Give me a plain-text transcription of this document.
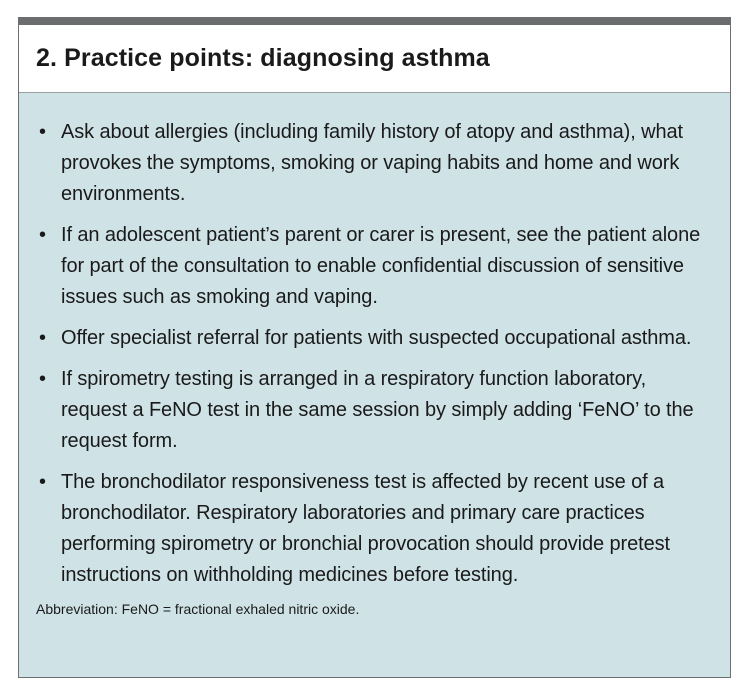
2. Practice points: diagnosing asthma
• Ask about allergies (including family history of atopy and asthma), what provokes the symptoms, smoking or vaping habits and home and work environments.
• If an adolescent patient’s parent or carer is present, see the patient alone for part of the consultation to enable confidential discussion of sensitive issues such as smoking and vaping.
• Offer specialist referral for patients with suspected occupational asthma.
• If spirometry testing is arranged in a respiratory function laboratory, request a FeNO test in the same session by simply adding ‘FeNO’ to the request form.
• The bronchodilator responsiveness test is affected by recent use of a bronchodilator. Respiratory laboratories and primary care practices performing spirometry or bronchial provocation should provide pretest instructions on withholding medicines before testing.
Abbreviation: FeNO = fractional exhaled nitric oxide.
